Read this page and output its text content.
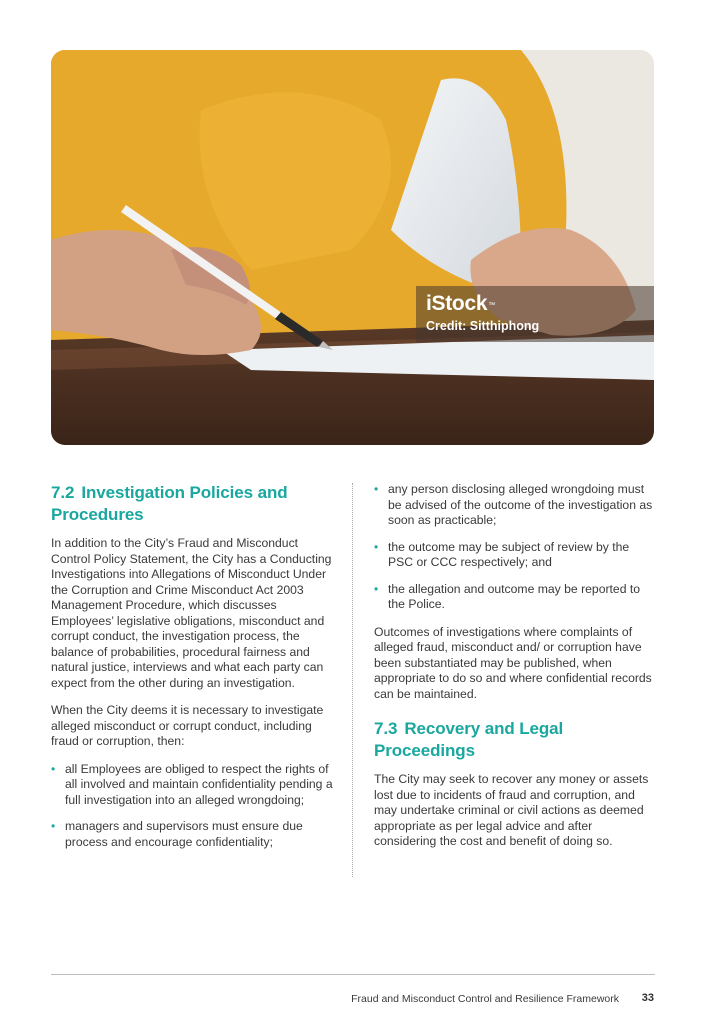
iStock™
Credit: Sitthiphong
7.2 Investigation Policies and Procedures

In addition to the City’s Fraud and Misconduct Control Policy Statement, the City has a Conducting Investigations into Allegations of Misconduct Under the Corruption and Crime Misconduct Act 2003 Management Procedure, which discusses Employees’ legislative obligations, misconduct and corrupt conduct, the investigation process, the balance of probabilities, procedural fairness and natural justice, interviews and what each party can expect from the other during an investigation.

When the City deems it is necessary to investigate alleged misconduct or corrupt conduct, including fraud or corruption, then:

• all Employees are obliged to respect the rights of all involved and maintain confidentiality pending a full investigation into an alleged wrongdoing;
• managers and supervisors must ensure due process and encourage confidentiality;
• any person disclosing alleged wrongdoing must be advised of the outcome of the investigation as soon as practicable;
• the outcome may be subject of review by the PSC or CCC respectively; and
• the allegation and outcome may be reported to the Police.

Outcomes of investigations where complaints of alleged fraud, misconduct and/ or corruption have been substantiated may be published, when appropriate to do so and where confidential records can be maintained.

7.3 Recovery and Legal Proceedings

The City may seek to recover any money or assets lost due to incidents of fraud and corruption, and may undertake criminal or civil actions as deemed appropriate as per legal advice and after considering the cost and benefit of doing so.

Fraud and Misconduct Control and Resilience Framework 33
